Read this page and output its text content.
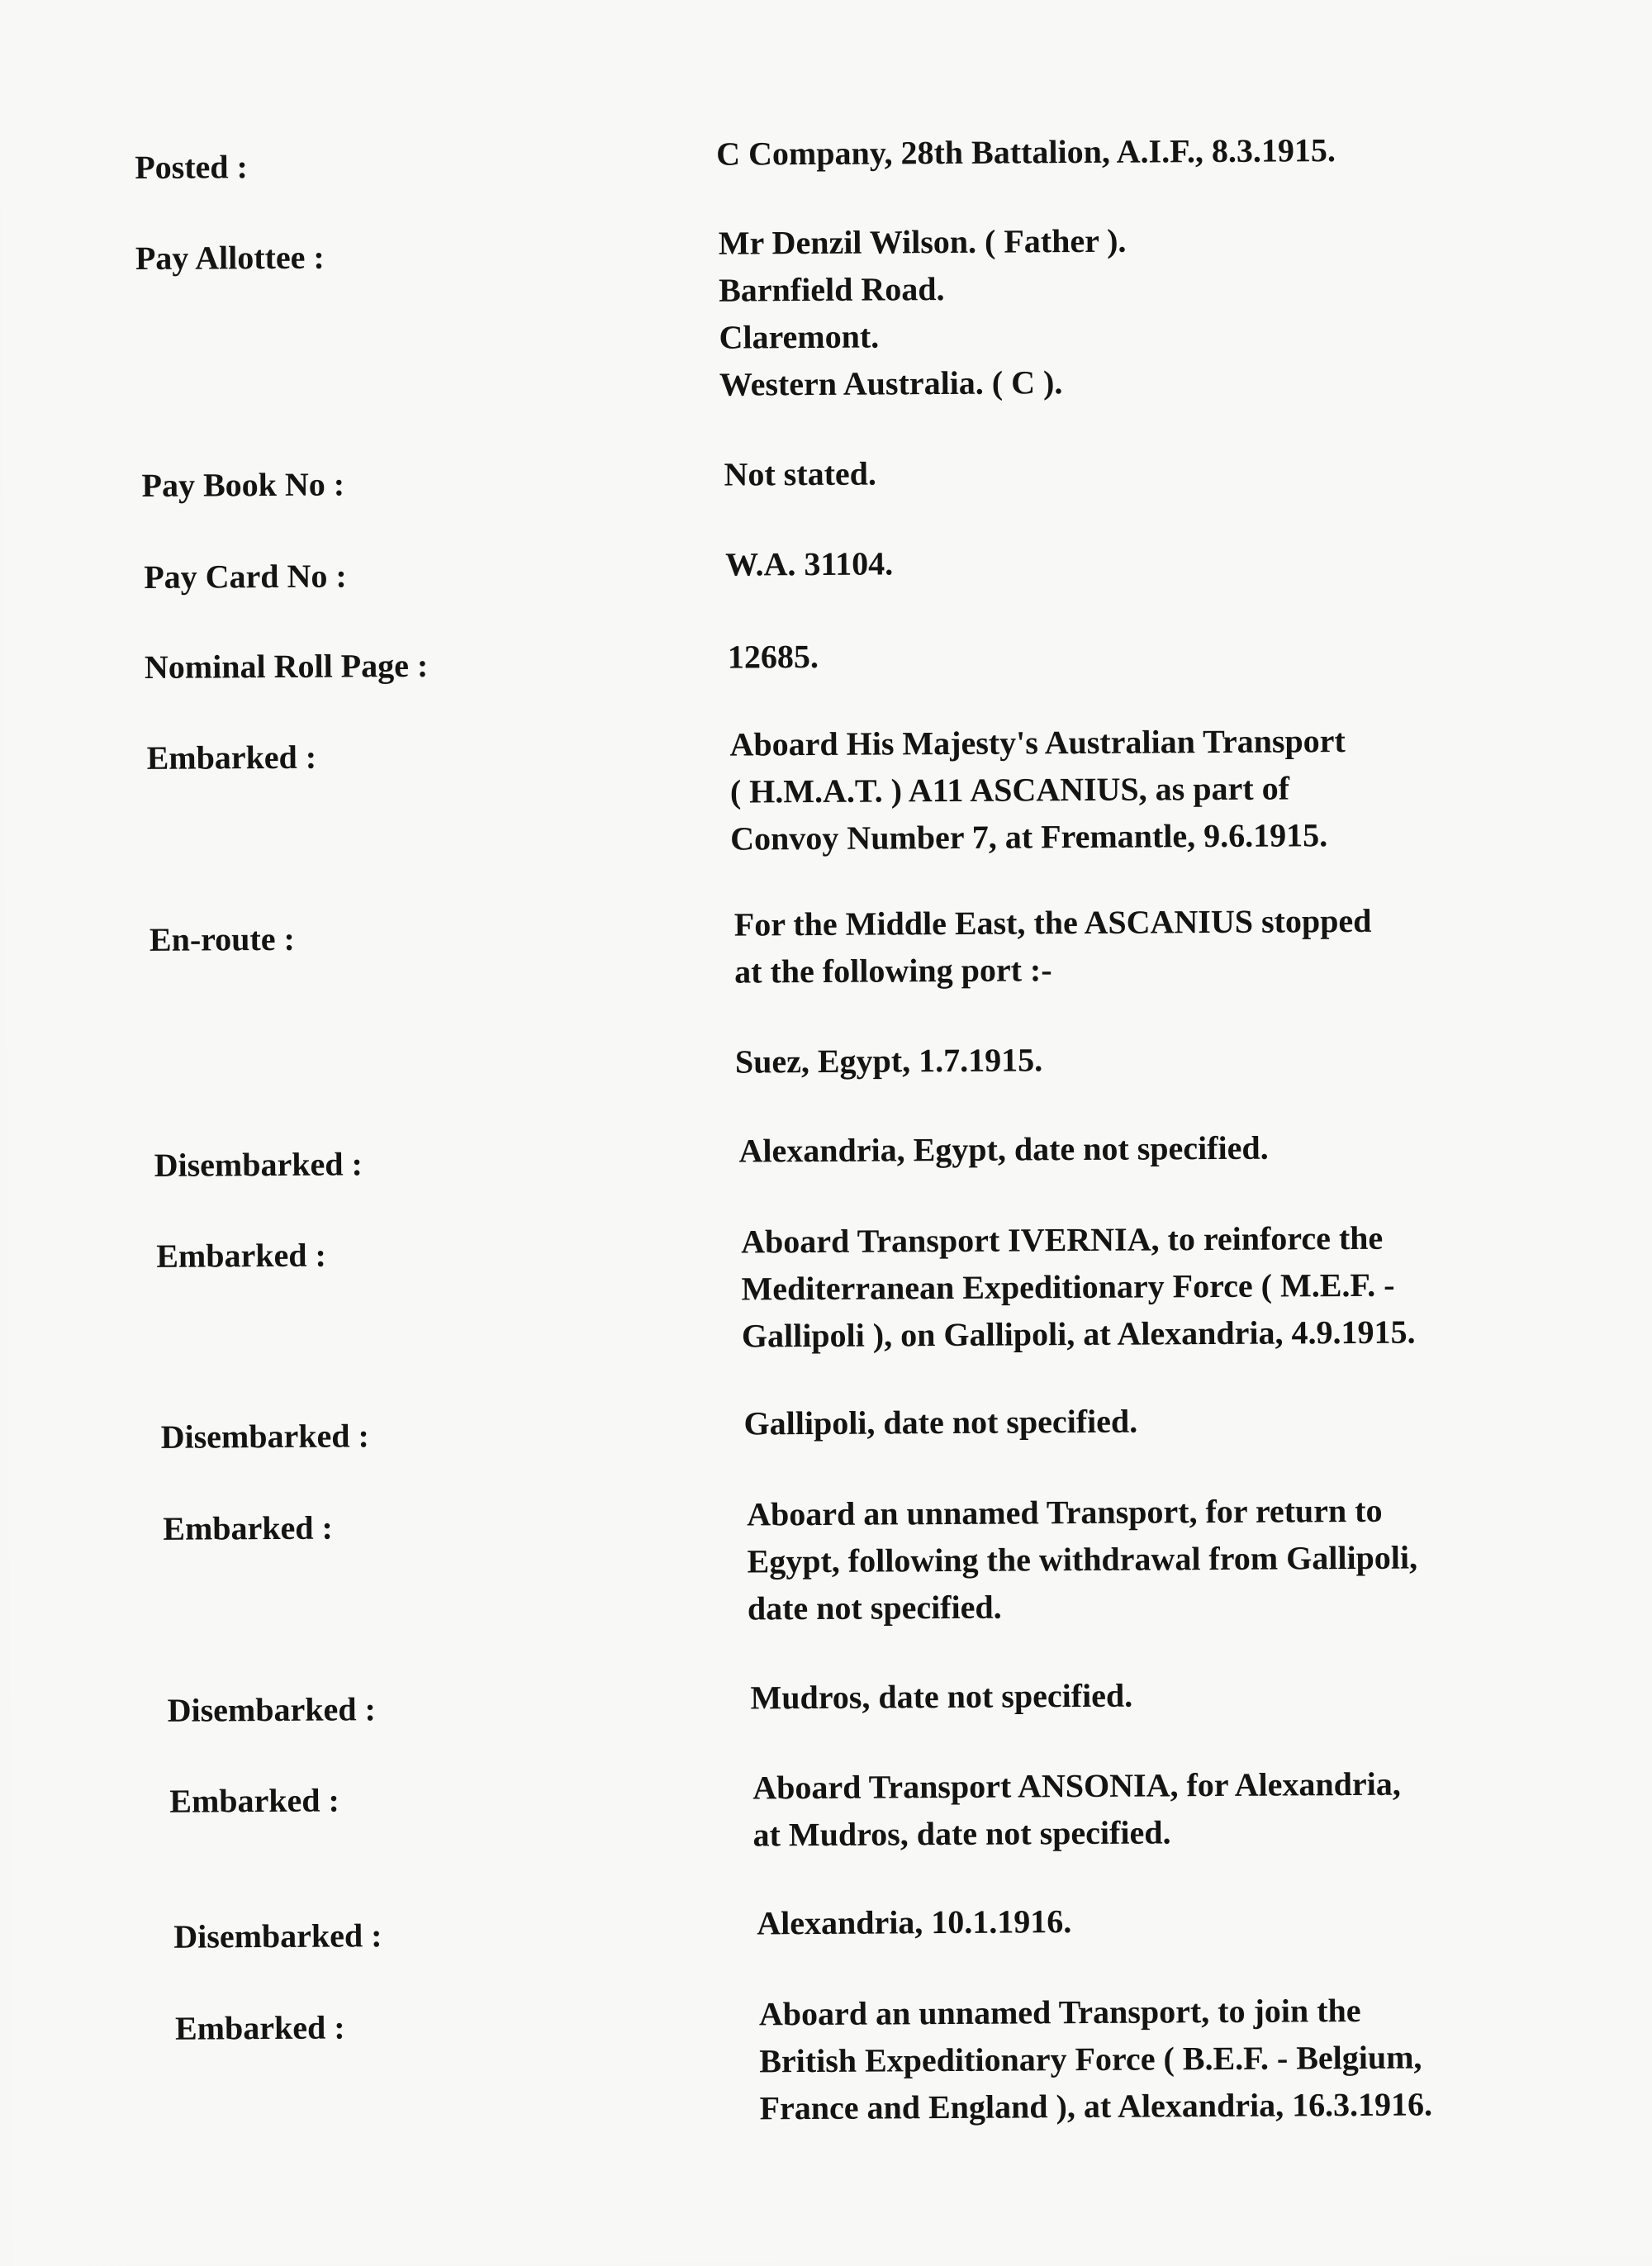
Posted :	C Company, 28th Battalion, A.I.F., 8.3.1915.
Pay Allottee :	Mr Denzil Wilson. ( Father ).
Barnfield Road.
Claremont.
Western Australia. ( C ).
Pay Book No :	Not stated.
Pay Card No :	W.A. 31104.
Nominal Roll Page :	12685.
Embarked :	Aboard His Majesty's Australian Transport
( H.M.A.T. ) A11 ASCANIUS, as part of
Convoy Number 7, at Fremantle, 9.6.1915.
En-route :	For the Middle East, the ASCANIUS stopped
at the following port :-
Suez, Egypt, 1.7.1915.
Disembarked :	Alexandria, Egypt, date not specified.
Embarked :	Aboard Transport IVERNIA, to reinforce the
Mediterranean Expeditionary Force ( M.E.F. -
Gallipoli ), on Gallipoli, at Alexandria, 4.9.1915.
Disembarked :	Gallipoli, date not specified.
Embarked :	Aboard an unnamed Transport, for return to
Egypt, following the withdrawal from Gallipoli,
date not specified.
Disembarked :	Mudros, date not specified.
Embarked :	Aboard Transport ANSONIA, for Alexandria,
at Mudros, date not specified.
Disembarked :	Alexandria, 10.1.1916.
Embarked :	Aboard an unnamed Transport, to join the
British Expeditionary Force ( B.E.F. - Belgium,
France and England ), at Alexandria, 16.3.1916.
